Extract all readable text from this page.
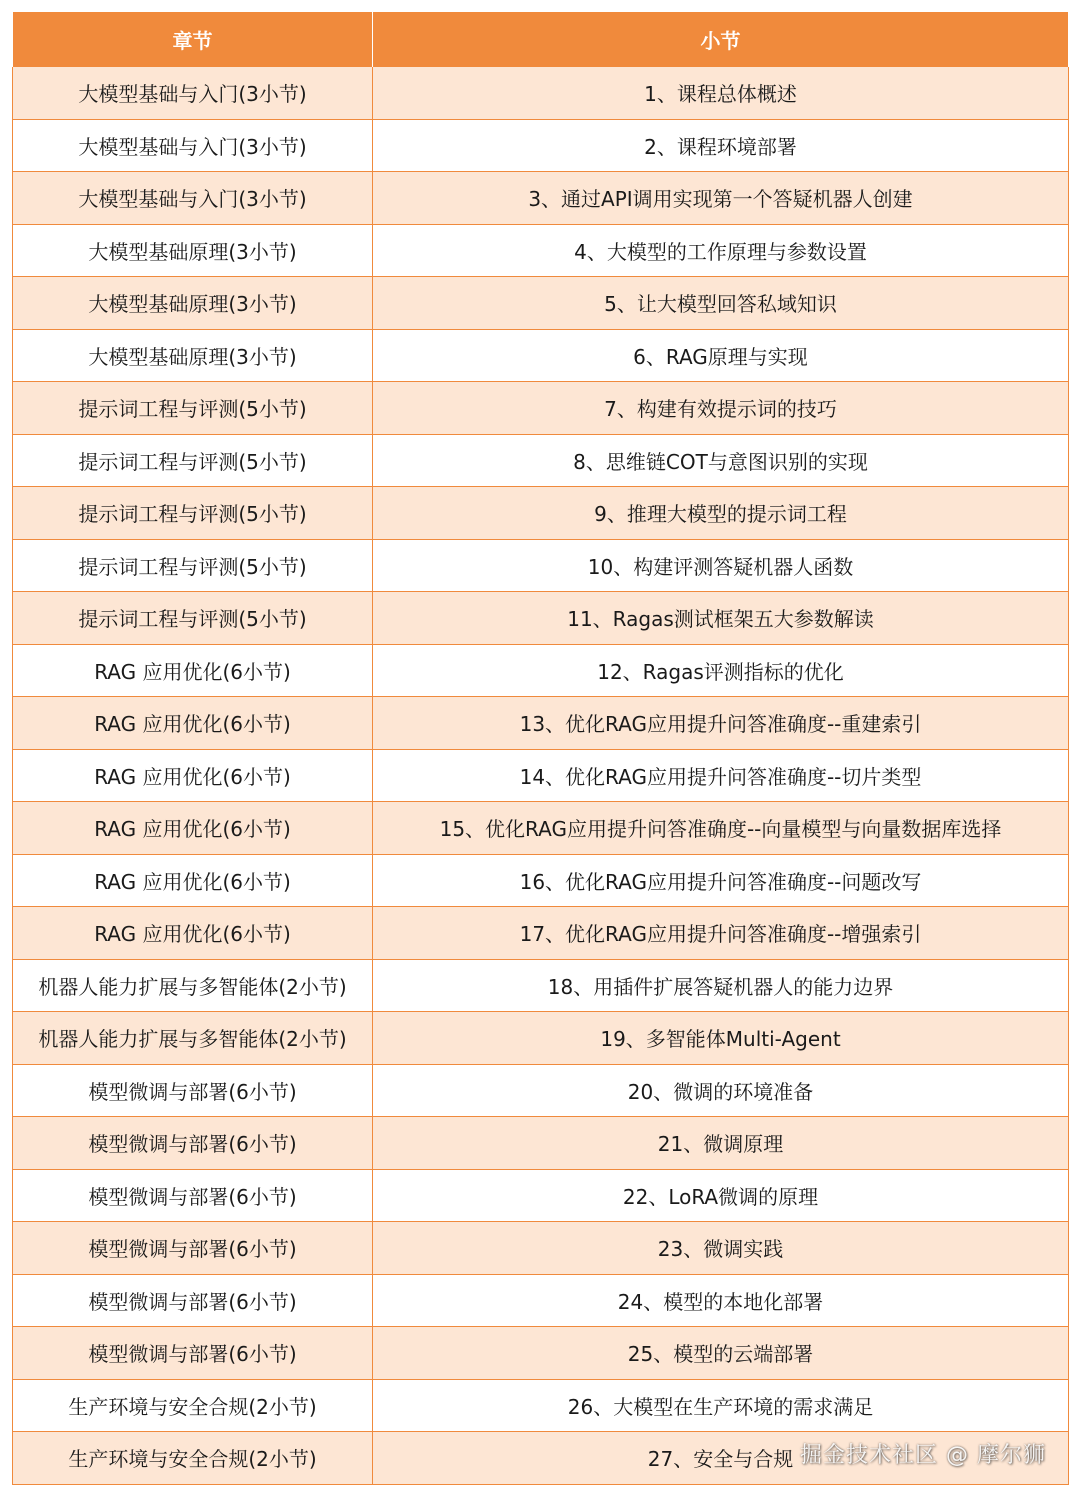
章节	小节
大模型基础与入门(3小节)	1、课程总体概述
大模型基础与入门(3小节)	2、课程环境部署
大模型基础与入门(3小节)	3、通过API调用实现第一个答疑机器人创建
大模型基础原理(3小节)	4、大模型的工作原理与参数设置
大模型基础原理(3小节)	5、让大模型回答私域知识
大模型基础原理(3小节)	6、RAG原理与实现
提示词工程与评测(5小节)	7、构建有效提示词的技巧
提示词工程与评测(5小节)	8、思维链COT与意图识别的实现
提示词工程与评测(5小节)	9、推理大模型的提示词工程
提示词工程与评测(5小节)	10、构建评测答疑机器人函数
提示词工程与评测(5小节)	11、Ragas测试框架五大参数解读
RAG 应用优化(6小节)	12、Ragas评测指标的优化
RAG 应用优化(6小节)	13、优化RAG应用提升问答准确度--重建索引
RAG 应用优化(6小节)	14、优化RAG应用提升问答准确度--切片类型
RAG 应用优化(6小节)	15、优化RAG应用提升问答准确度--向量模型与向量数据库选择
RAG 应用优化(6小节)	16、优化RAG应用提升问答准确度--问题改写
RAG 应用优化(6小节)	17、优化RAG应用提升问答准确度--增强索引
机器人能力扩展与多智能体(2小节)	18、用插件扩展答疑机器人的能力边界
机器人能力扩展与多智能体(2小节)	19、多智能体Multi-Agent
模型微调与部署(6小节)	20、微调的环境准备
模型微调与部署(6小节)	21、微调原理
模型微调与部署(6小节)	22、LoRA微调的原理
模型微调与部署(6小节)	23、微调实践
模型微调与部署(6小节)	24、模型的本地化部署
模型微调与部署(6小节)	25、模型的云端部署
生产环境与安全合规(2小节)	26、大模型在生产环境的需求满足
生产环境与安全合规(2小节)	27、安全与合规 掘金技术社区 @ 摩尔狮
